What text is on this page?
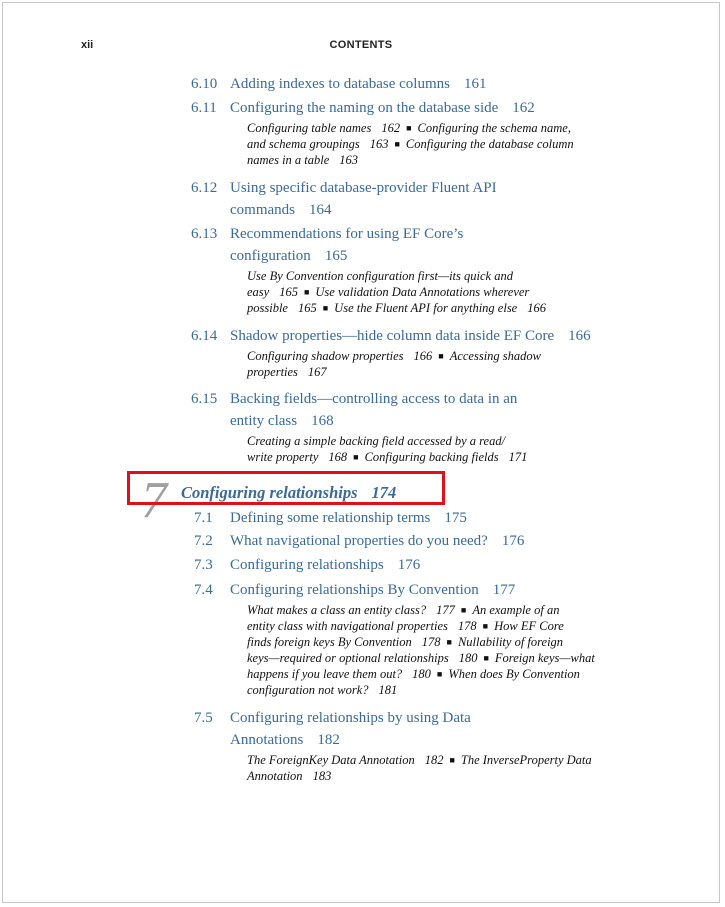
xii	CONTENTS
6.10 Adding indexes to database columns 161
6.11 Configuring the naming on the database side 162
Configuring table names 162 ■ Configuring the schema name,
and schema groupings 163 ■ Configuring the database column
names in a table 163
6.12 Using specific database-provider Fluent API
commands 164
6.13 Recommendations for using EF Core’s
configuration 165
Use By Convention configuration first—its quick and
easy 165 ■ Use validation Data Annotations wherever
possible 165 ■ Use the Fluent API for anything else 166
6.14 Shadow properties—hide column data inside EF Core 166
Configuring shadow properties 166 ■ Accessing shadow
properties 167
6.15 Backing fields—controlling access to data in an
entity class 168
Creating a simple backing field accessed by a read/
write property 168 ■ Configuring backing fields 171
7 Configuring relationships 174
7.1 Defining some relationship terms 175
7.2 What navigational properties do you need? 176
7.3 Configuring relationships 176
7.4 Configuring relationships By Convention 177
What makes a class an entity class? 177 ■ An example of an
entity class with navigational properties 178 ■ How EF Core
finds foreign keys By Convention 178 ■ Nullability of foreign
keys—required or optional relationships 180 ■ Foreign keys—what
happens if you leave them out? 180 ■ When does By Convention
configuration not work? 181
7.5 Configuring relationships by using Data
Annotations 182
The ForeignKey Data Annotation 182 ■ The InverseProperty Data
Annotation 183
